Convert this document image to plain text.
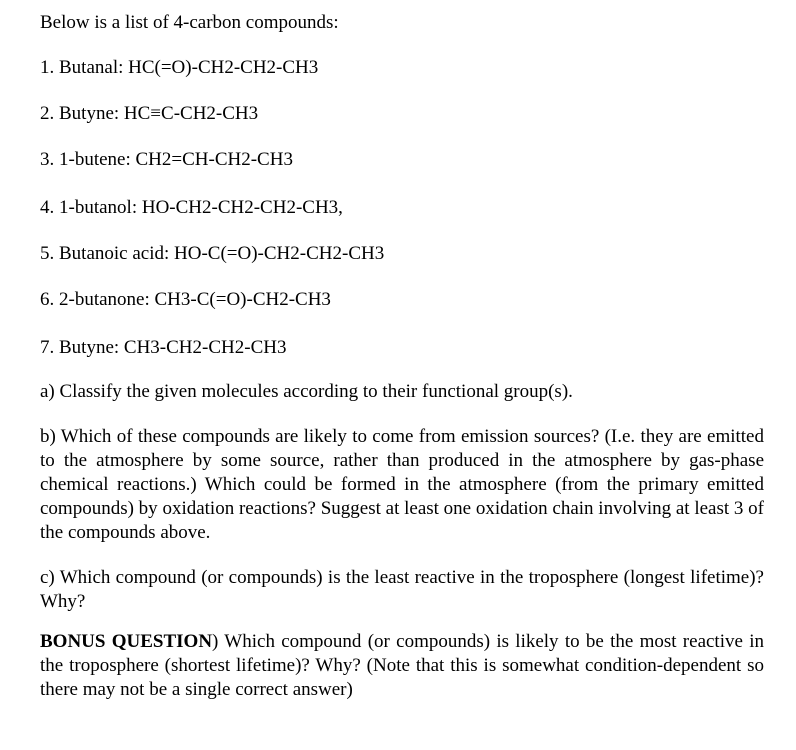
Below is a list of 4-carbon compounds:
1. Butanal: HC(=O)-CH2-CH2-CH3
2. Butyne: HC≡C-CH2-CH3
3. 1-butene: CH2=CH-CH2-CH3
4. 1-butanol: HO-CH2-CH2-CH2-CH3,
5. Butanoic acid: HO-C(=O)-CH2-CH2-CH3
6. 2-butanone: CH3-C(=O)-CH2-CH3
7. Butyne: CH3-CH2-CH2-CH3
a) Classify the given molecules according to their functional group(s).
b) Which of these compounds are likely to come from emission sources? (I.e. they are emitted to the atmosphere by some source, rather than produced in the atmosphere by gas-phase chemical reactions.) Which could be formed in the atmosphere (from the primary emitted compounds) by oxidation reactions? Suggest at least one oxidation chain involving at least 3 of the compounds above.
c) Which compound (or compounds) is the least reactive in the troposphere (longest lifetime)? Why?
BONUS QUESTION) Which compound (or compounds) is likely to be the most reactive in the troposphere (shortest lifetime)? Why? (Note that this is somewhat condition-dependent so there may not be a single correct answer)
